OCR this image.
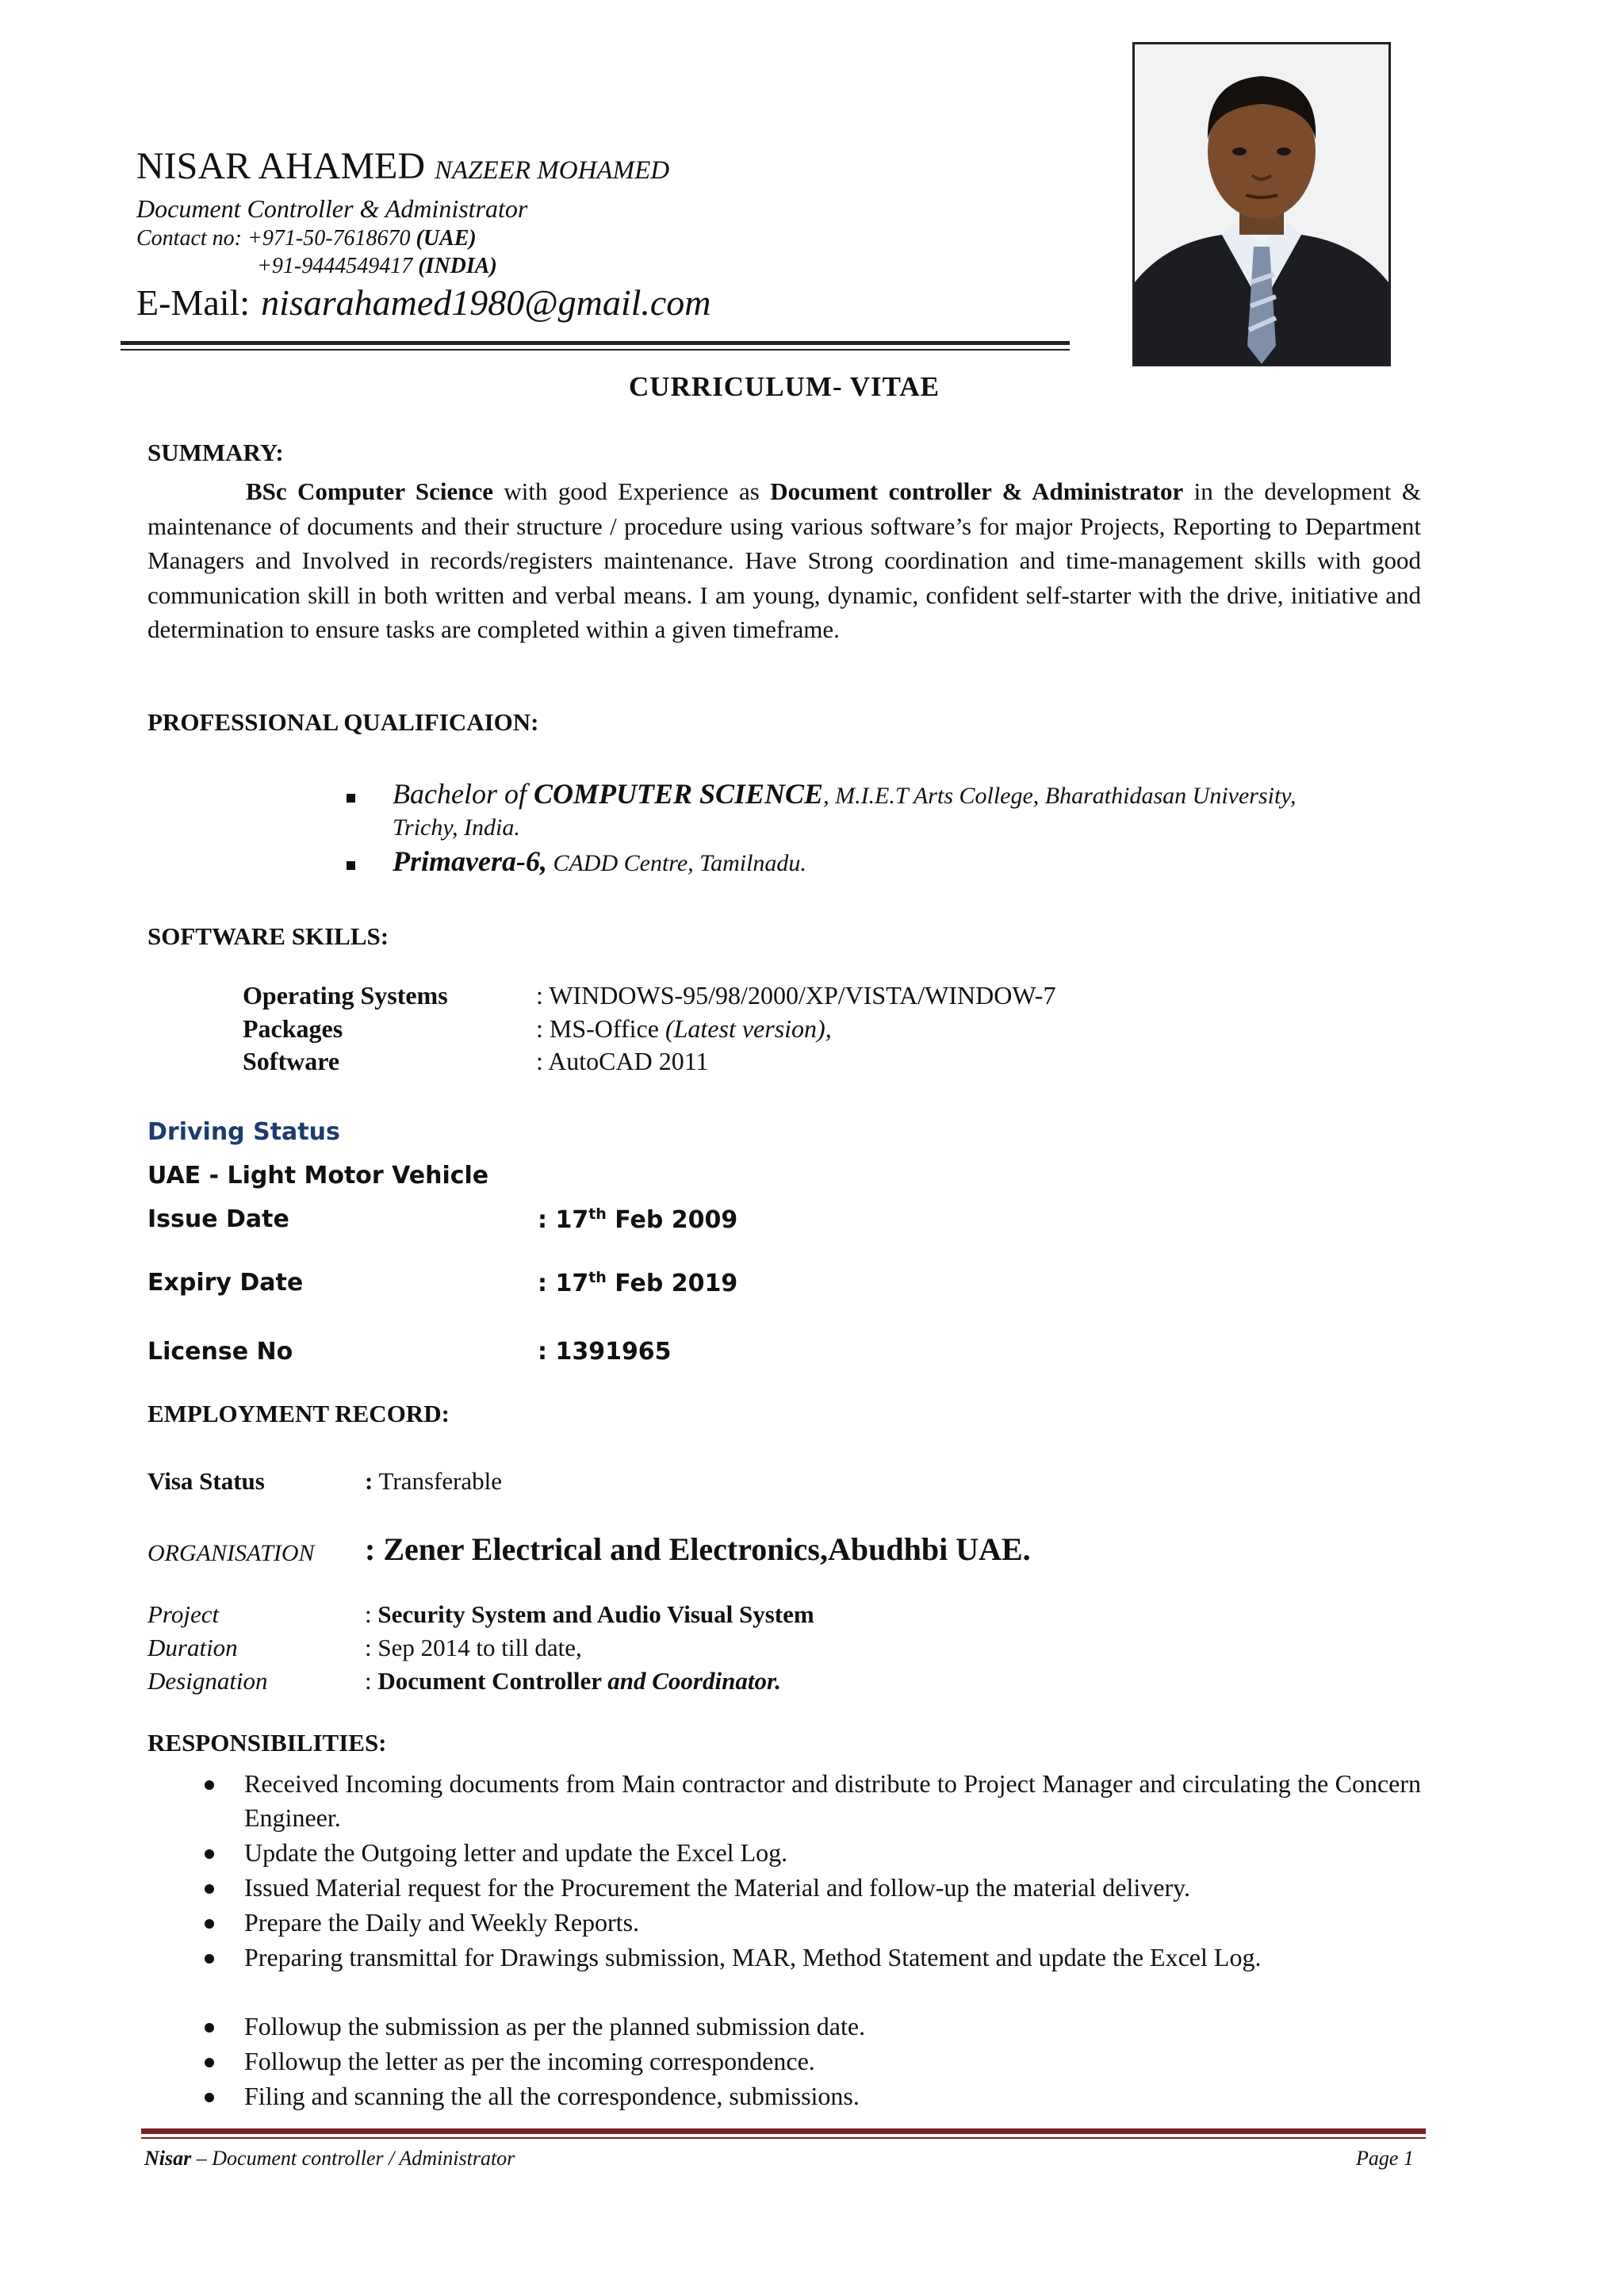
NISAR AHAMED NAZEER MOHAMED
Document Controller & Administrator
Contact no: +971-50-7618670 (UAE)
+91-9444549417 (INDIA)
E-Mail: nisarahamed1980@gmail.com
CURRICULUM- VITAE
SUMMARY:
BSc Computer Science with good Experience as Document controller & Administrator in the development & maintenance of documents and their structure / procedure using various software’s for major Projects, Reporting to Department Managers and Involved in records/registers maintenance. Have Strong coordination and time-management skills with good communication skill in both written and verbal means. I am young, dynamic, confident self-starter with the drive, initiative and determination to ensure tasks are completed within a given timeframe.
PROFESSIONAL QUALIFICAION:
Bachelor of COMPUTER SCIENCE, M.I.E.T Arts College, Bharathidasan University,
Trichy, India.
Primavera-6, CADD Centre, Tamilnadu.
SOFTWARE SKILLS:
Operating Systems	: WINDOWS-95/98/2000/XP/VISTA/WINDOW-7
Packages	: MS-Office (Latest version),
Software	: AutoCAD 2011
Driving Status
UAE - Light Motor Vehicle
Issue Date	: 17th Feb 2009
Expiry Date	: 17th Feb 2019
License No	: 1391965
EMPLOYMENT RECORD:
Visa Status	: Transferable
ORGANISATION : Zener Electrical and Electronics,Abudhbi UAE.
Project	: Security System and Audio Visual System
Duration	: Sep 2014 to till date,
Designation	: Document Controller and Coordinator.
RESPONSIBILITIES:
Received Incoming documents from Main contractor and distribute to Project Manager and circulating the Concern Engineer.
Update the Outgoing letter and update the Excel Log.
Issued Material request for the Procurement the Material and follow-up the material delivery.
Prepare the Daily and Weekly Reports.
Preparing transmittal for Drawings submission, MAR, Method Statement and update the Excel Log.
Followup the submission as per the planned submission date.
Followup the letter as per the incoming correspondence.
Filing and scanning the all the correspondence, submissions.
Nisar – Document controller / Administrator	Page 1
